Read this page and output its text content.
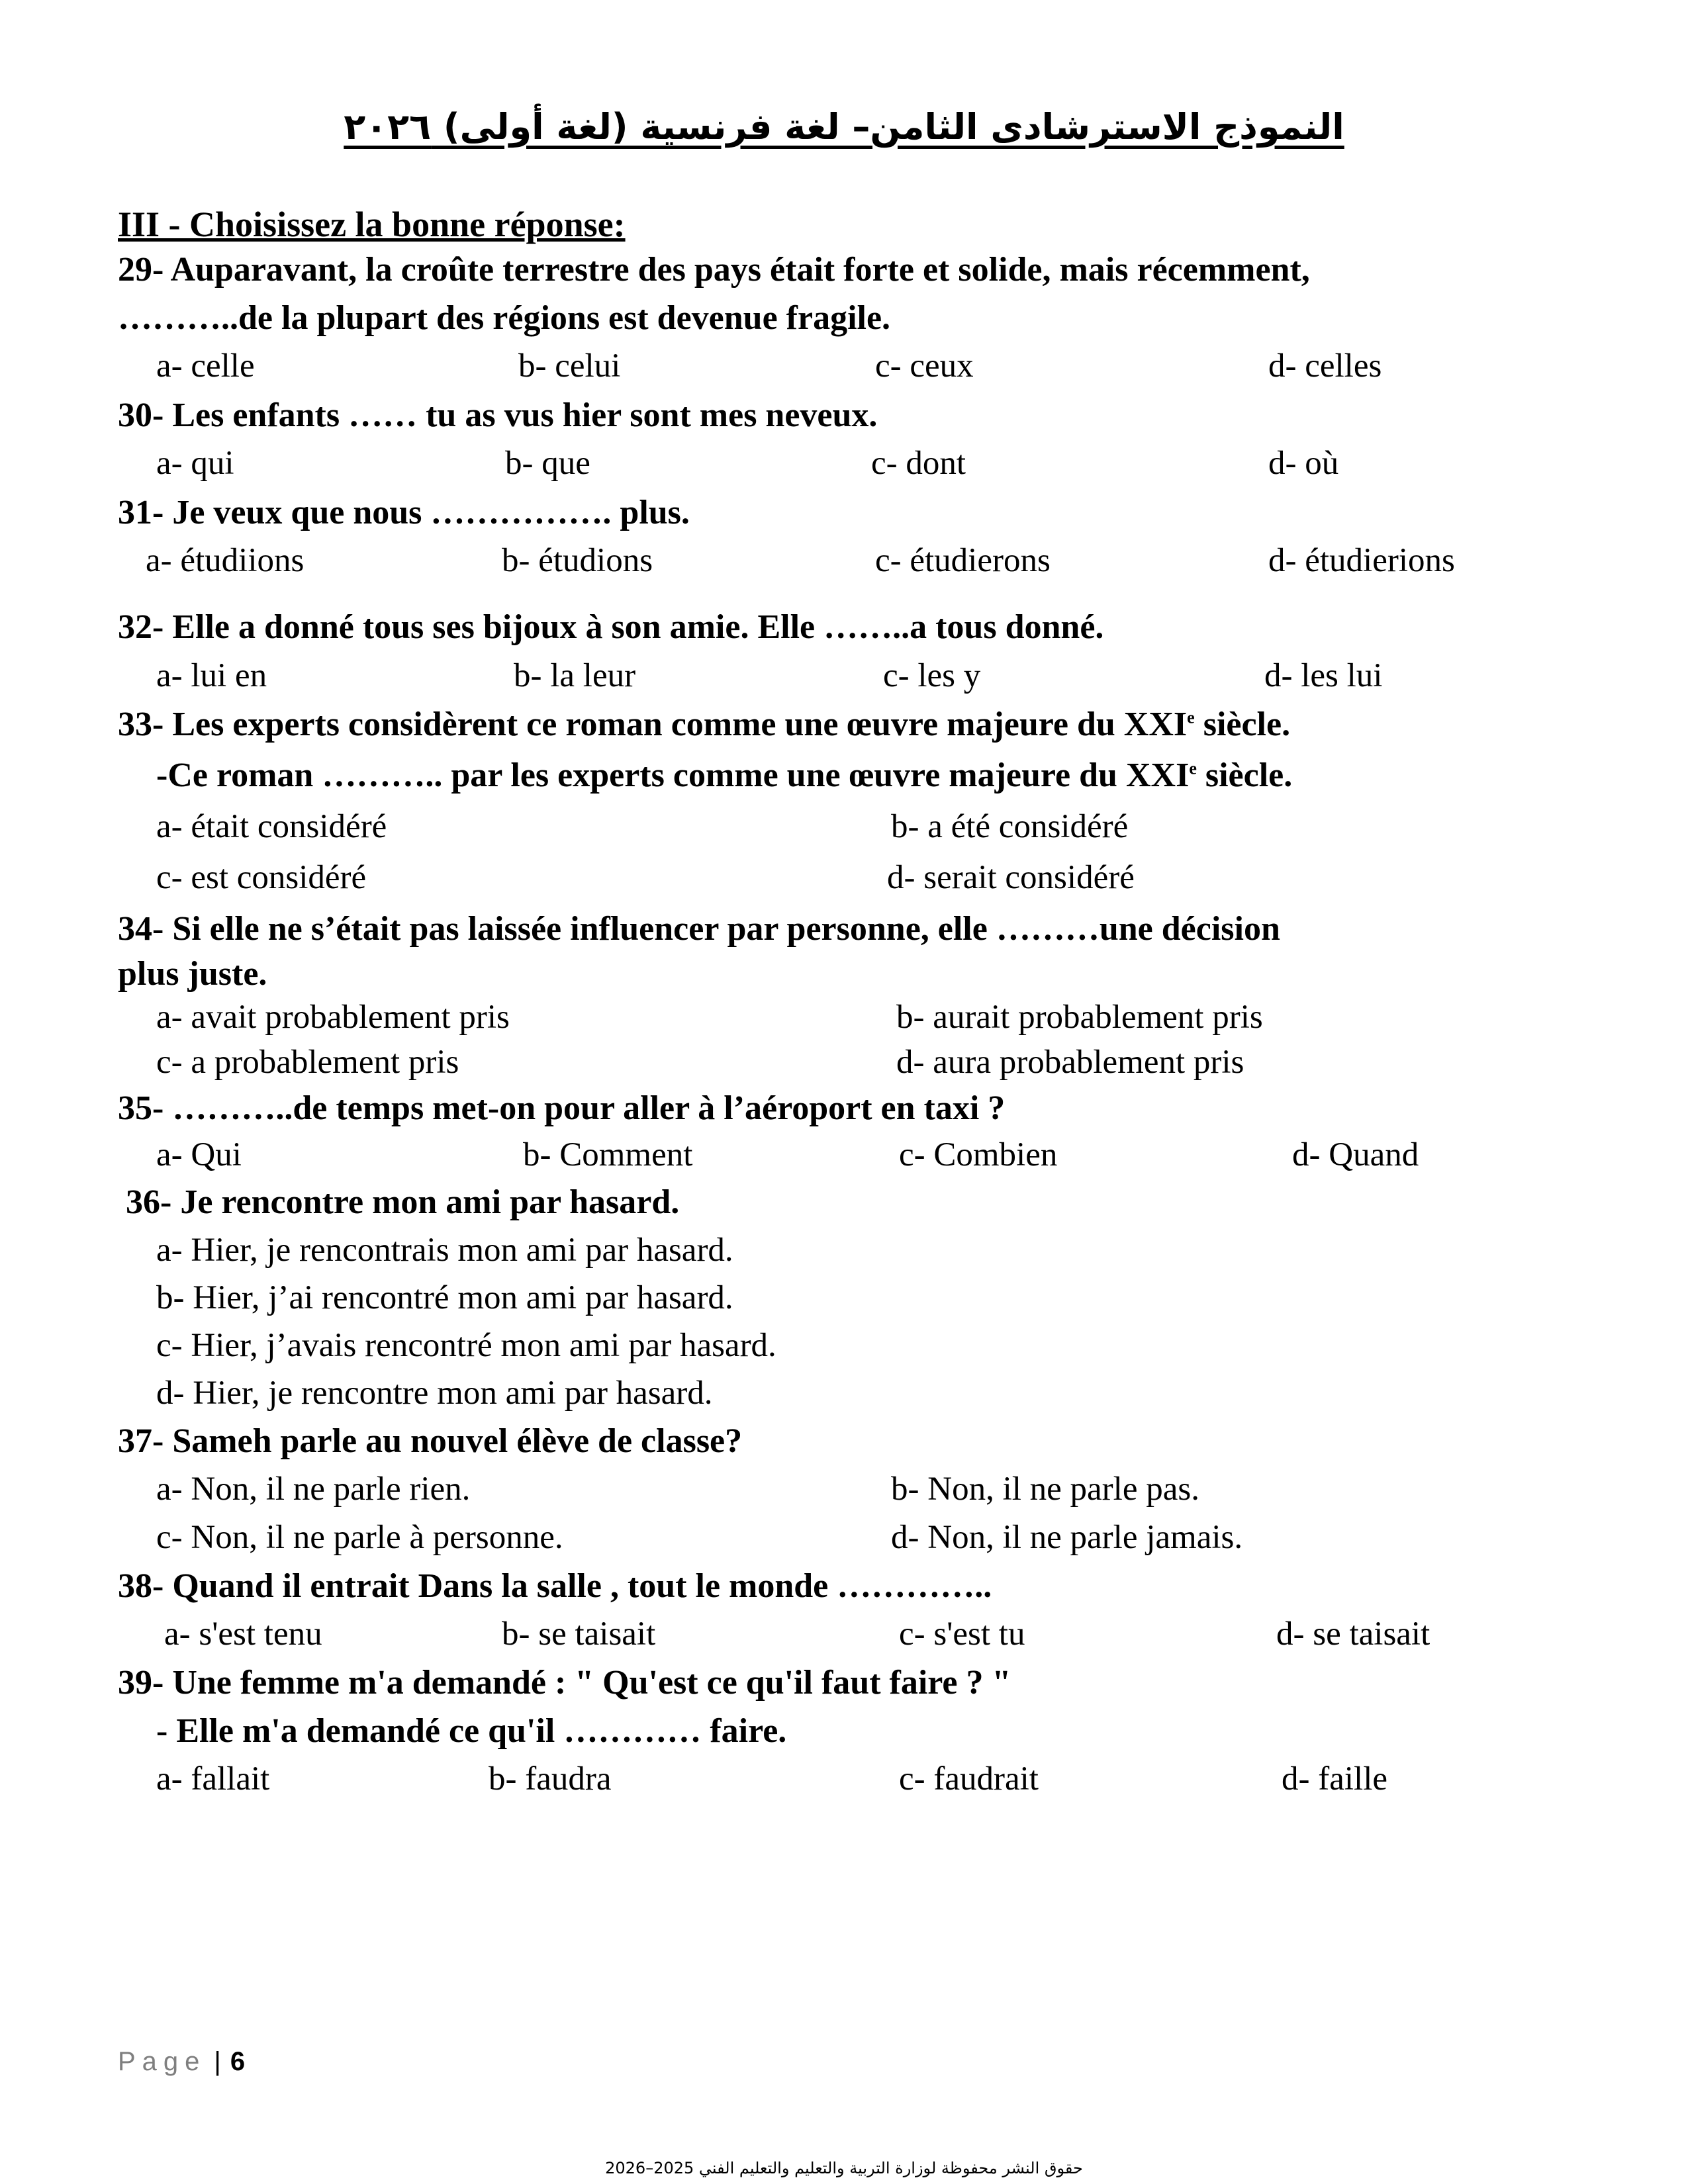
النموذج الاسترشادى الثامن– لغة فرنسية (لغة أولى) ٢٠٢٦
III - Choisissez la bonne réponse:
29- Auparavant, la croûte terrestre des pays était forte et solide, mais récemment,
………..de la plupart des régions est devenue fragile.
a- celle	b- celui	c- ceux	d- celles
30- Les enfants …… tu as vus hier sont mes neveux.
a- qui	b- que	c- dont	d- où
31- Je veux que nous ……………. plus.
a- étudiions	b- étudions	c- étudierons	d- étudierions
32- Elle a donné tous ses bijoux à son amie. Elle ……..a tous donné.
a- lui en	b- la leur	c- les y	d- les lui
33- Les experts considèrent ce roman comme une œuvre majeure du XXIe siècle.
-Ce roman ……….. par les experts comme une œuvre majeure du XXIe siècle.
a- était considéré	b- a été considéré
c- est considéré	d- serait considéré
34- Si elle ne s’était pas laissée influencer par personne, elle ………une décision
plus juste.
a- avait probablement pris	b- aurait probablement pris
c- a probablement pris	d- aura probablement pris
35- ………..de temps met-on pour aller à l’aéroport en taxi ?
a- Qui	b- Comment	c- Combien	d- Quand
36- Je rencontre mon ami par hasard.
a- Hier, je rencontrais mon ami par hasard.
b- Hier, j’ai rencontré mon ami par hasard.
c- Hier, j’avais rencontré mon ami par hasard.
d- Hier, je rencontre mon ami par hasard.
37- Sameh parle au nouvel élève de classe?
a- Non, il ne parle rien.	b- Non, il ne parle pas.
c- Non, il ne parle à personne.	d- Non, il ne parle jamais.
38- Quand il entrait Dans la salle , tout le monde …………..
a- s'est tenu	b- se taisait	c- s'est tu	d- se taisait
39- Une femme m'a demandé : " Qu'est ce qu'il faut faire ? "
- Elle m'a demandé ce qu'il ………… faire.
a- fallait	b- faudra	c- faudrait	d- faille
Page | 6
حقوق النشر محفوظة لوزارة التربية والتعليم والتعليم الفني 2025–2026
